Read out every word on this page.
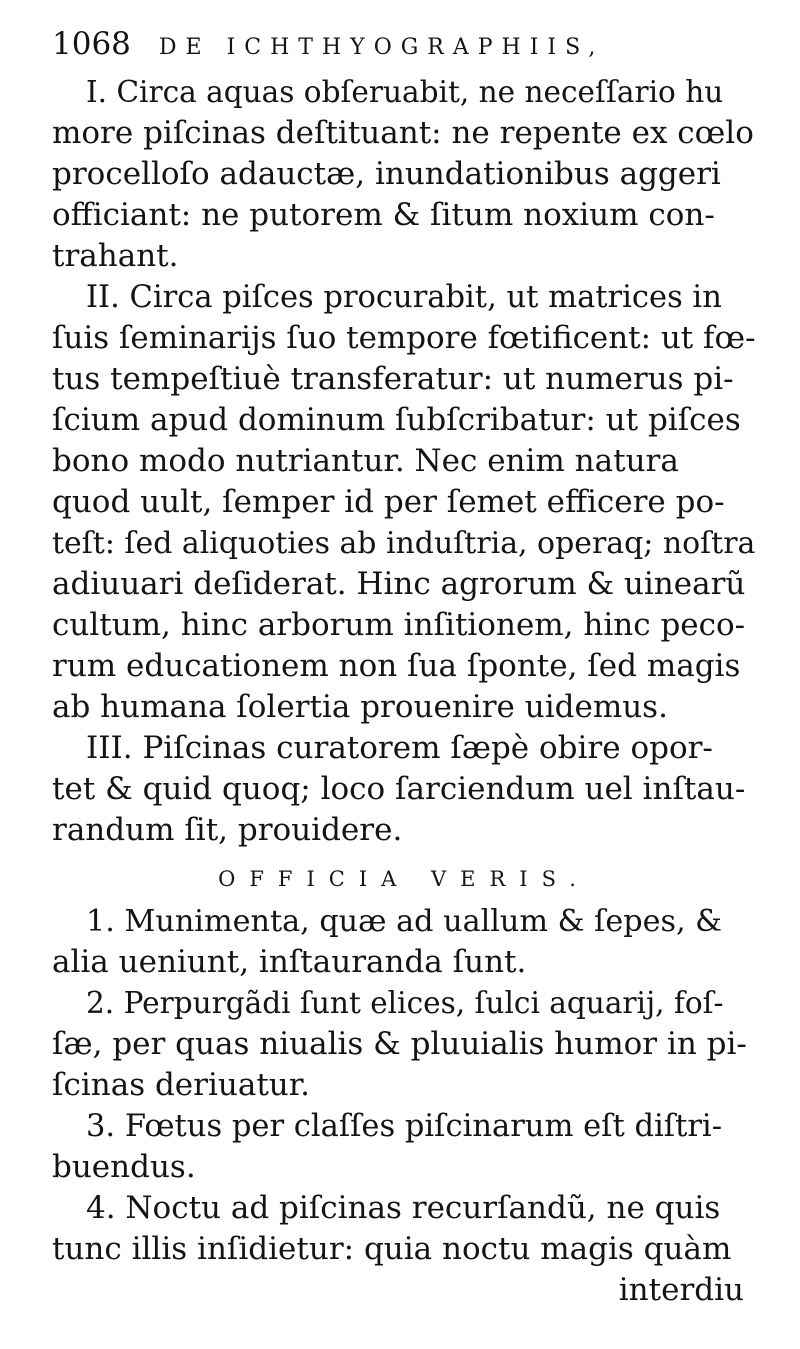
1068 DE ICHTHYOGRAPHIIS,
I. Circa aquas obſeruabit, ne neceſſario hu
more piſcinas deſtituant: ne repente ex cœlo
procelloſo adauctæ, inundationibus aggeri
officiant: ne putorem & ſitum noxium con-
trahant.
II. Circa piſces procurabit, ut matrices in
ſuis ſeminarijs ſuo tempore fœtificent: ut fœ-
tus tempeſtiuè transferatur: ut numerus pi-
ſcium apud dominum ſubſcribatur: ut piſces
bono modo nutriantur. Nec enim natura
quod uult, ſemper id per ſemet efficere po-
teſt: ſed aliquoties ab induſtria, operaq; noſtra
adiuuari deſiderat. Hinc agrorum & uinearũ
cultum, hinc arborum inſitionem, hinc peco-
rum educationem non ſua ſponte, ſed magis
ab humana ſolertia prouenire uidemus.
III. Piſcinas curatorem ſæpè obire opor-
tet & quid quoq; loco ſarciendum uel inſtau-
randum ſit, prouidere.
OFFICIA VERIS.
1. Munimenta, quæ ad uallum & ſepes, &
alia ueniunt, inſtauranda ſunt.
2. Perpurgãdi ſunt elices, ſulci aquarij, foſ-
ſæ, per quas niualis & pluuialis humor in pi-
ſcinas deriuatur.
3. Fœtus per claſſes piſcinarum eſt diſtri-
buendus.
4. Noctu ad piſcinas recurſandũ, ne quis
tunc illis inſidietur: quia noctu magis quàm
interdiu
